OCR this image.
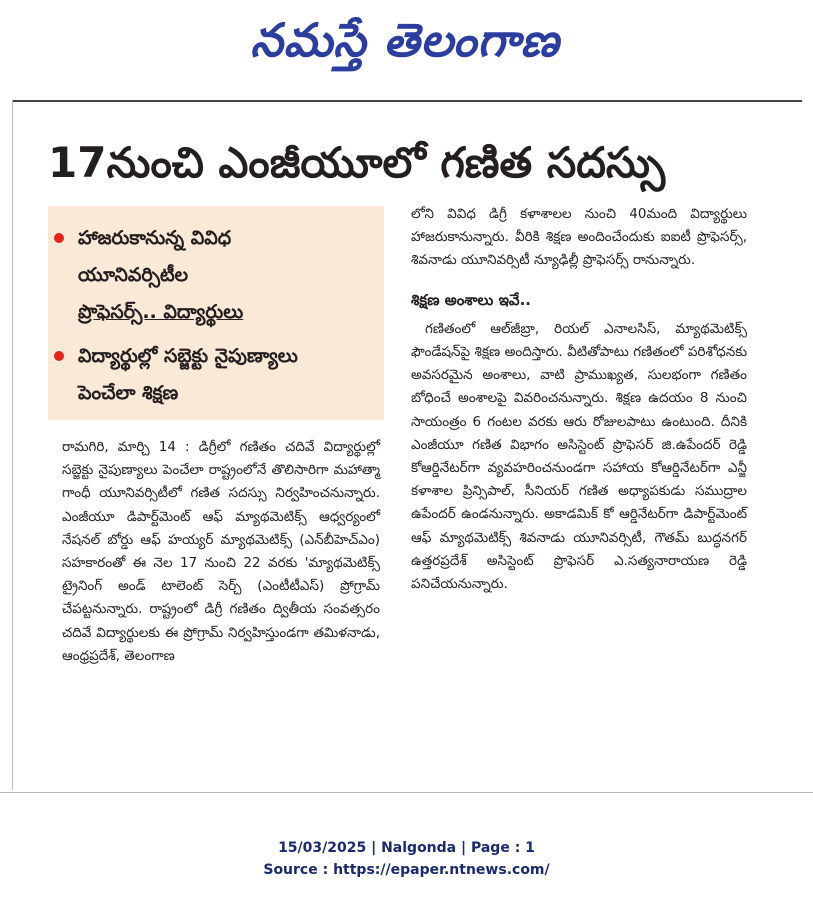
నమస్తే తెలంగాణ
17నుంచి ఎంజీయూలో గణిత సదస్సు
హాజరుకానున్న వివిధ
యూనివర్సిటీల
ప్రొఫెసర్స్.. విద్యార్థులు
విద్యార్థుల్లో సబ్జెక్టు నైపుణ్యాలు
పెంచేలా శిక్షణ

రామగిరి, మార్చి 14 : డిగ్రీలో గణితం చదివే విద్యార్థుల్లో సబ్జెక్టు నైపుణ్యాలు పెంచేలా రాష్ట్రంలోనే తొలిసారిగా మహాత్మా గాంధీ యూనివర్సిటీలో గణిత సదస్సు నిర్వహించనున్నారు. ఎంజీయూ డిపార్ట్‌మెంట్ ఆఫ్ మ్యాథమెటిక్స్ ఆధ్వర్యంలో నేషనల్ బోర్డు ఆఫ్ హయ్యర్ మ్యాథమెటిక్స్ (ఎన్‌బీహెచ్‌ఎం) సహకారంతో ఈ నెల 17 నుంచి 22 వరకు 'మ్యాథమెటిక్స్ ట్రైనింగ్ అండ్ టాలెంట్ సెర్చ్ (ఎంటీటీఎస్) ప్రోగ్రామ్ చేపట్టనున్నారు. రాష్ట్రంలో డిగ్రీ గణితం ద్వితీయ సంవత్సరం చదివే విద్యార్థులకు ఈ ప్రోగ్రామ్ నిర్వహిస్తుండగా తమిళనాడు, ఆంధ్రప్రదేశ్, తెలంగాణ

లోని వివిధ డిగ్రీ కళాశాలల నుంచి 40మంది విద్యార్థులు హాజరుకానున్నారు. వీరికి శిక్షణ అందించేందుకు ఐఐటీ ప్రొఫెసర్స్, శివనాడు యూనివర్సిటీ న్యూఢిల్లీ ప్రొఫెసర్స్ రానున్నారు.

శిక్షణ అంశాలు ఇవే..

గణితంలో ఆల్‌జీబ్రా, రియల్ ఎనాలసిస్, మ్యాథమెటిక్స్ ఫౌండేషన్‌పై శిక్షణ అందిస్తారు. వీటితోపాటు గణితంలో పరిశోధనకు అవసరమైన అంశాలు, వాటి ప్రాముఖ్యత, సులభంగా గణితం బోధించే అంశాలపై వివరించనున్నారు. శిక్షణ ఉదయం 8 నుంచి సాయంత్రం 6 గంటల వరకు ఆరు రోజులపాటు ఉంటుంది. దీనికి ఎంజీయూ గణిత విభాగం అసిస్టెంట్ ప్రొఫెసర్ జి.ఉపేందర్ రెడ్డి కోఆర్డినేటర్‌గా వ్యవహరించనుండగా సహాయ కోఆర్డినేటర్‌గా ఎన్జీ కళాశాల ప్రిన్సిపాల్, సీనియర్ గణిత అధ్యాపకుడు సముద్రాల ఉపేందర్ ఉండనున్నారు. అకాడమిక్ కో ఆర్డినేటర్‌గా డిపార్ట్‌మెంట్ ఆఫ్ మ్యాథమెటిక్స్ శివనాడు యూనివర్సిటీ, గౌతమ్ బుద్ధనగర్ ఉత్తరప్రదేశ్ అసిస్టెంట్ ప్రొఫెసర్ ఎ.సత్యనారాయణ రెడ్డి పనిచేయనున్నారు.

15/03/2025 | Nalgonda | Page : 1
Source : https://epaper.ntnews.com/
